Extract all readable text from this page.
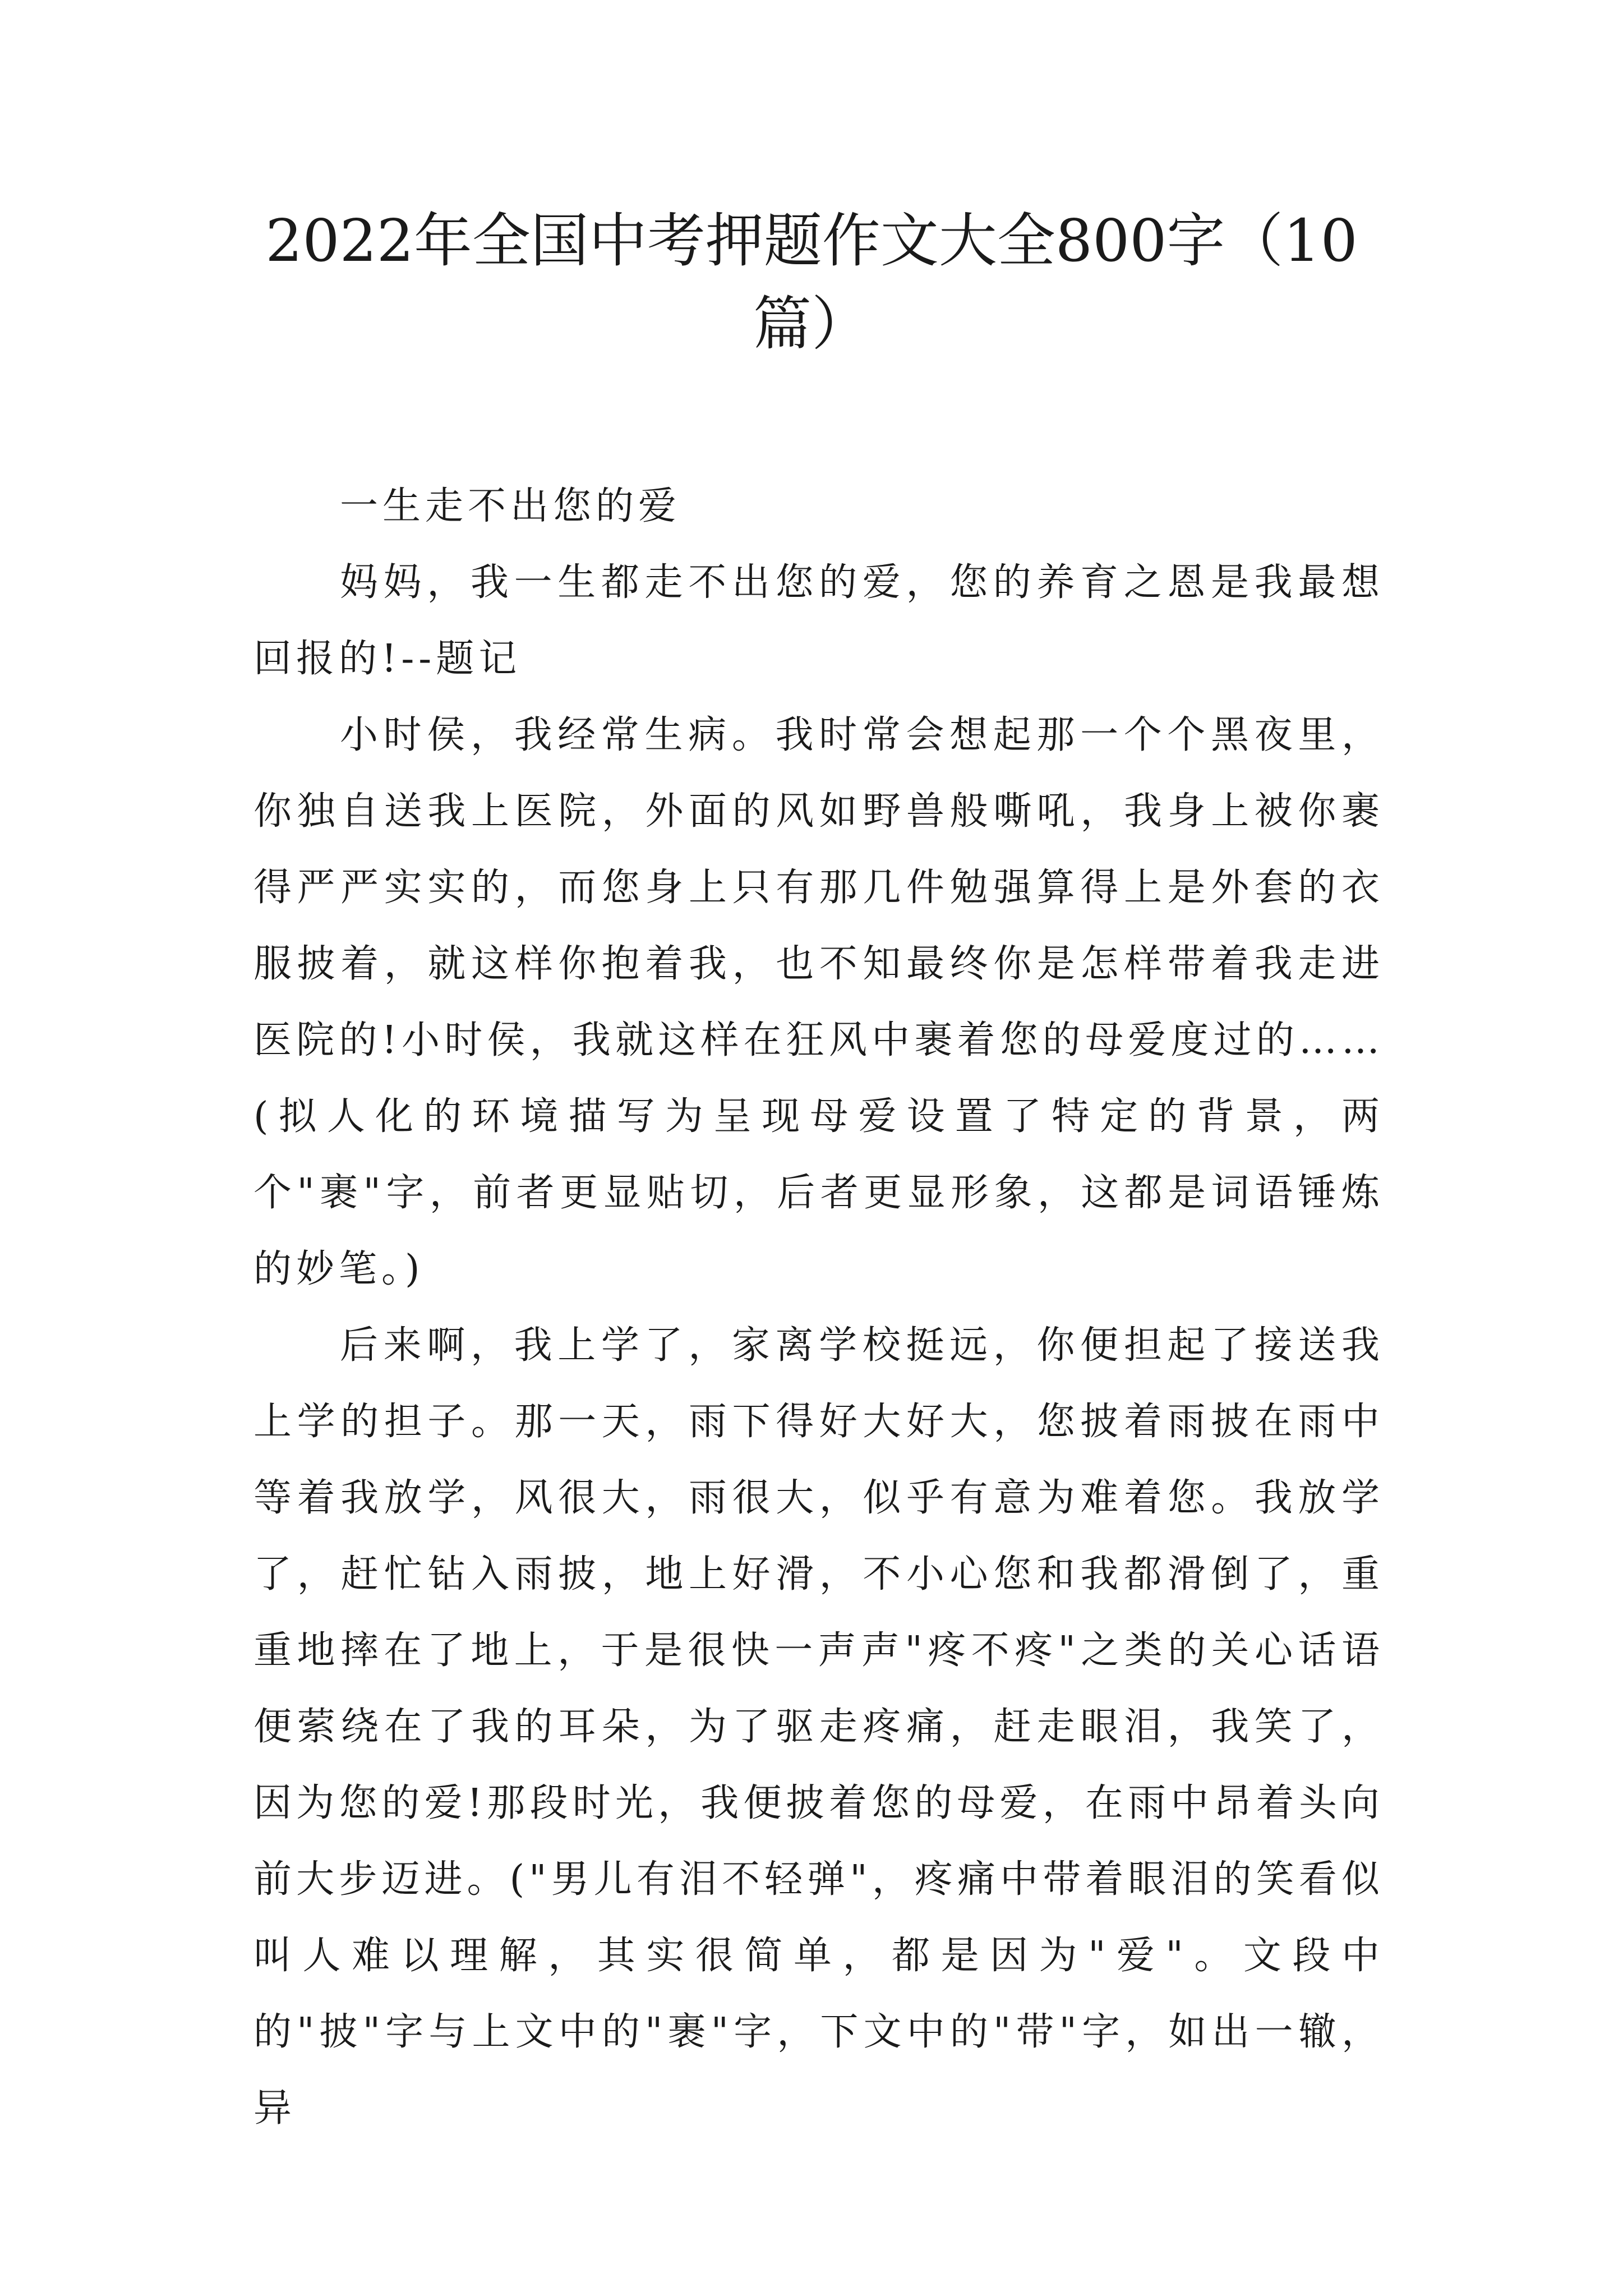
2022年全国中考押题作文大全800字（10篇）

一生走不出您的爱

妈妈，我一生都走不出您的爱，您的养育之恩是我最想回报的!--题记

小时侯，我经常生病。我时常会想起那一个个黑夜里，你独自送我上医院，外面的风如野兽般嘶吼，我身上被你裹得严严实实的，而您身上只有那几件勉强算得上是外套的衣服披着，就这样你抱着我，也不知最终你是怎样带着我走进医院的!小时侯，我就这样在狂风中裹着您的母爱度过的……(拟人化的环境描写为呈现母爱设置了特定的背景，两个"裹"字，前者更显贴切，后者更显形象，这都是词语锤炼的妙笔。)

后来啊，我上学了，家离学校挺远，你便担起了接送我上学的担子。那一天，雨下得好大好大，您披着雨披在雨中等着我放学，风很大，雨很大，似乎有意为难着您。我放学了，赶忙钻入雨披，地上好滑，不小心您和我都滑倒了，重重地摔在了地上，于是很快一声声"疼不疼"之类的关心话语便萦绕在了我的耳朵，为了驱走疼痛，赶走眼泪，我笑了，因为您的爱!那段时光，我便披着您的母爱，在雨中昂着头向前大步迈进。("男儿有泪不轻弹"，疼痛中带着眼泪的笑看似叫人难以理解，其实很简单，都是因为"爱"。文段中的"披"字与上文中的"裹"字，下文中的"带"字，如出一辙，异
